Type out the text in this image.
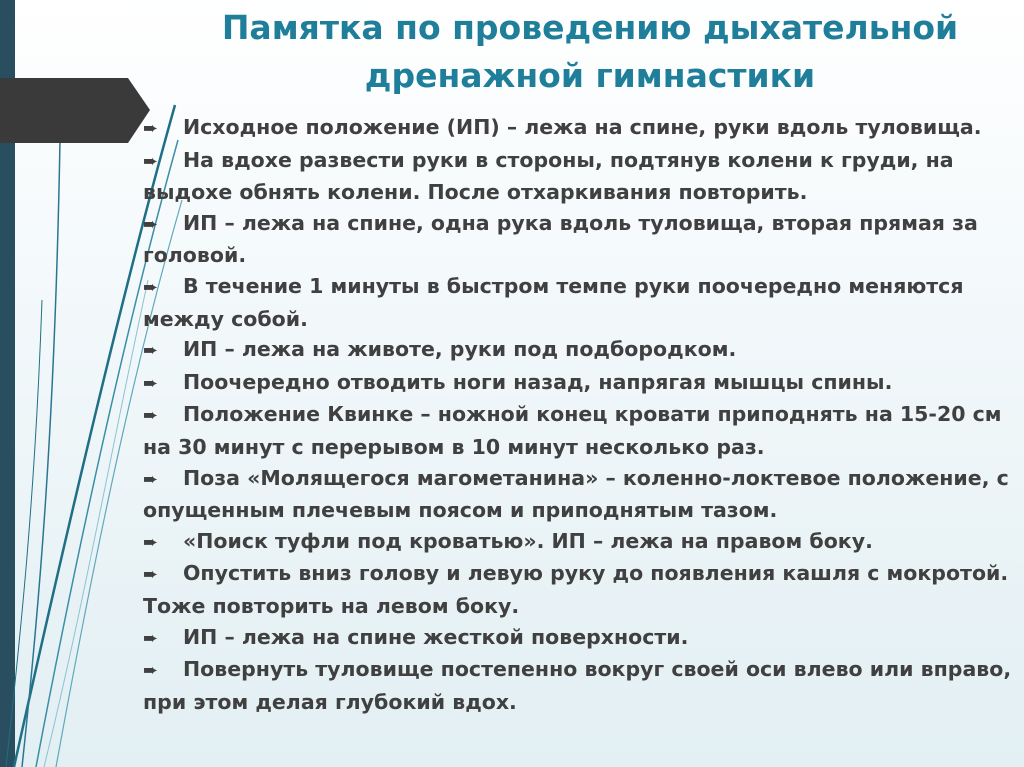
Памятка по проведению дыхательной
дренажной гимнастики
➨ Исходное положение (ИП) – лежа на спине, руки вдоль туловища.
➨ На вдохе развести руки в стороны, подтянув колени к груди, на выдохе обнять колени. После отхаркивания повторить.
➨ ИП – лежа на спине, одна рука вдоль туловища, вторая прямая за головой.
➨ В течение 1 минуты в быстром темпе руки поочередно меняются между собой.
➨ ИП – лежа на животе, руки под подбородком.
➨ Поочередно отводить ноги назад, напрягая мышцы спины.
➨ Положение Квинке – ножной конец кровати приподнять на 15-20 см на 30 минут с перерывом в 10 минут несколько раз.
➨ Поза «Молящегося магометанина» – коленно-локтевое положение, с опущенным плечевым поясом и приподнятым тазом.
➨ «Поиск туфли под кроватью». ИП – лежа на правом боку.
➨ Опустить вниз голову и левую руку до появления кашля с мокротой. Тоже повторить на левом боку.
➨ ИП – лежа на спине жесткой поверхности.
➨ Повернуть туловище постепенно вокруг своей оси влево или вправо, при этом делая глубокий вдох.
